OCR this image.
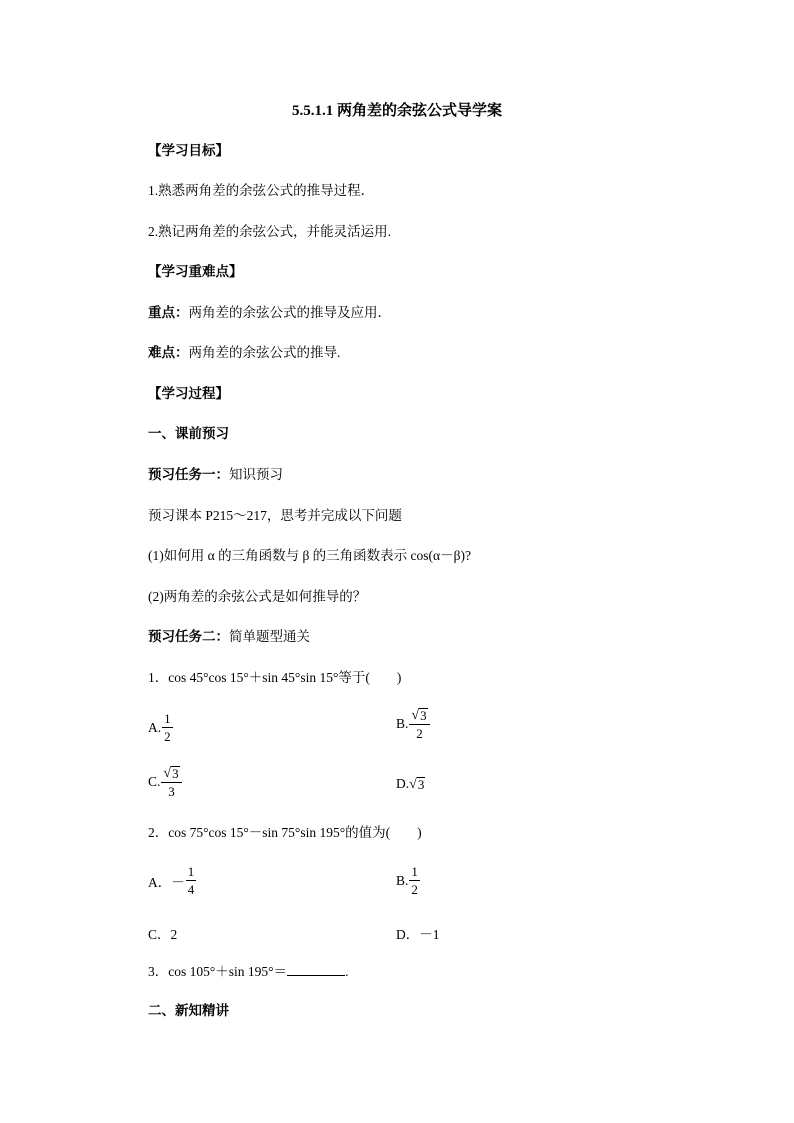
5.5.1.1 两角差的余弦公式导学案
【学习目标】
1.熟悉两角差的余弦公式的推导过程．
2.熟记两角差的余弦公式，并能灵活运用.
【学习重难点】
重点：两角差的余弦公式的推导及应用．
难点：两角差的余弦公式的推导.
【学习过程】
一、课前预习
预习任务一：知识预习
预习课本 P215～217，思考并完成以下问题
(1)如何用 α 的三角函数与 β 的三角函数表示 cos(α－β)?
(2)两角差的余弦公式是如何推导的？
预习任务二：简单题型通关
1．cos 45°cos 15°＋sin 45°sin 15°等于(　　)
A. $\frac{1}{2}$	B. $\frac{√ 3}{2}$
C. $\frac{√ 3}{3}$	D. √ 3
2．cos 75°cos 15°－sin 75°sin 195°的值为(　　)
A．－ $\frac{1}{4}$	B. $\frac{1}{2}$
C．2	D．－1
3．cos 105°＋sin 195°＝	.
二、新知精讲
